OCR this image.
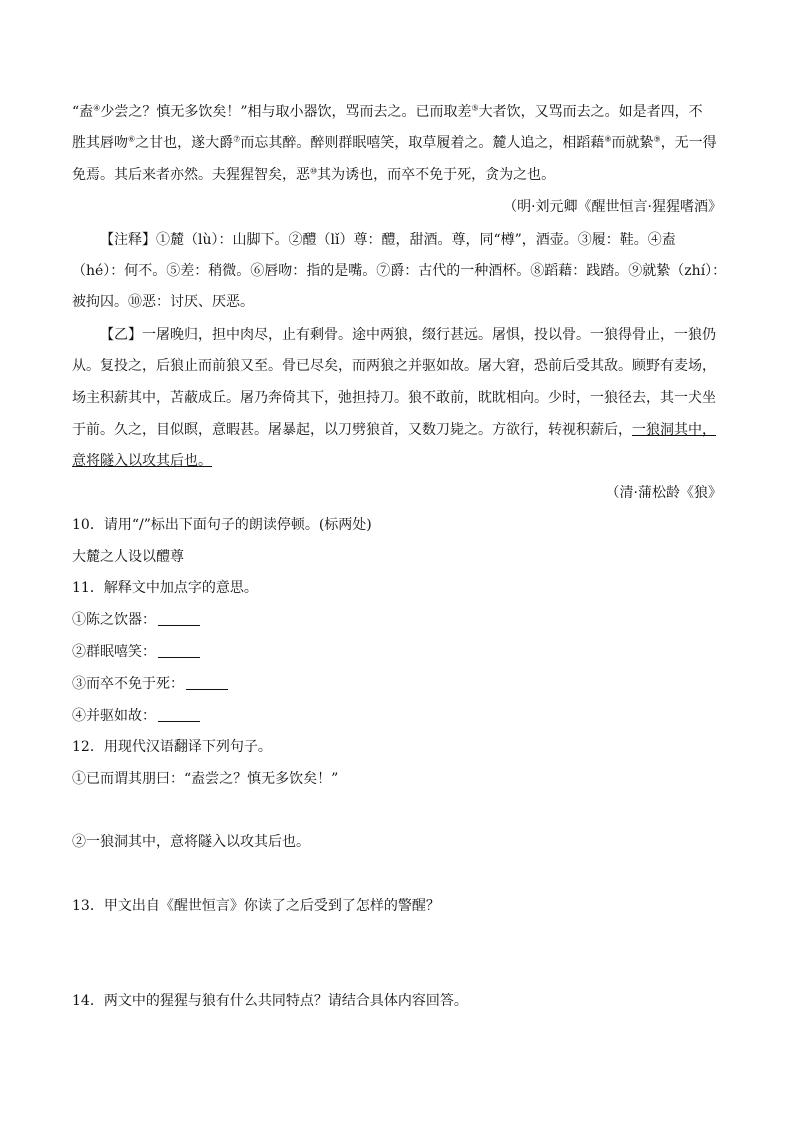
“盍④少尝之？慎无多饮矣！”相与取小器饮，骂而去之。已而取差⑤大者饮，又骂而去之。如是者四，不
胜其唇吻⑥之甘也，遂大爵⑦而忘其醉。醉则群眠嘻笑，取草履着之。麓人追之，相蹈藉⑧而就絷⑨，无一得
免焉。其后来者亦然。夫猩猩智矣，恶⑩其为诱也，而卒不免于死，贪为之也。
（明·刘元卿《醒世恒言·猩猩嗜酒》
【注释】①麓（lù）：山脚下。②醴（lǐ）尊：醴，甜酒。尊，同“樽”，酒壶。③履：鞋。④盍
（hé）：何不。⑤差：稍微。⑥唇吻：指的是嘴。⑦爵：古代的一种酒杯。⑧蹈藉：践踏。⑨就絷（zhí）：
被拘囚。⑩恶：讨厌、厌恶。
【乙】一屠晚归，担中肉尽，止有剩骨。途中两狼，缀行甚远。屠惧，投以骨。一狼得骨止，一狼仍
从。复投之，后狼止而前狼又至。骨已尽矣，而两狼之并驱如故。屠大窘，恐前后受其敌。顾野有麦场，
场主积薪其中，苫蔽成丘。屠乃奔倚其下，弛担持刀。狼不敢前，眈眈相向。少时，一狼径去，其一犬坐
于前。久之，目似瞑，意暇甚。屠暴起，以刀劈狼首，又数刀毙之。方欲行，转视积薪后，一狼洞其中，
意将隧入以攻其后也。
（清·蒲松龄《狼》
10．请用“/”标出下面句子的朗读停顿。(标两处)
大麓之人设以醴尊
11．解释文中加点字的意思。
①陈之饮器：
②群眠嘻笑：
③而卒不免于死：
④并驱如故：
12．用现代汉语翻译下列句子。
①已而谓其朋曰：“盍尝之？慎无多饮矣！”
②一狼洞其中，意将隧入以攻其后也。
13．甲文出自《醒世恒言》你读了之后受到了怎样的警醒？
14．两文中的猩猩与狼有什么共同特点？请结合具体内容回答。
